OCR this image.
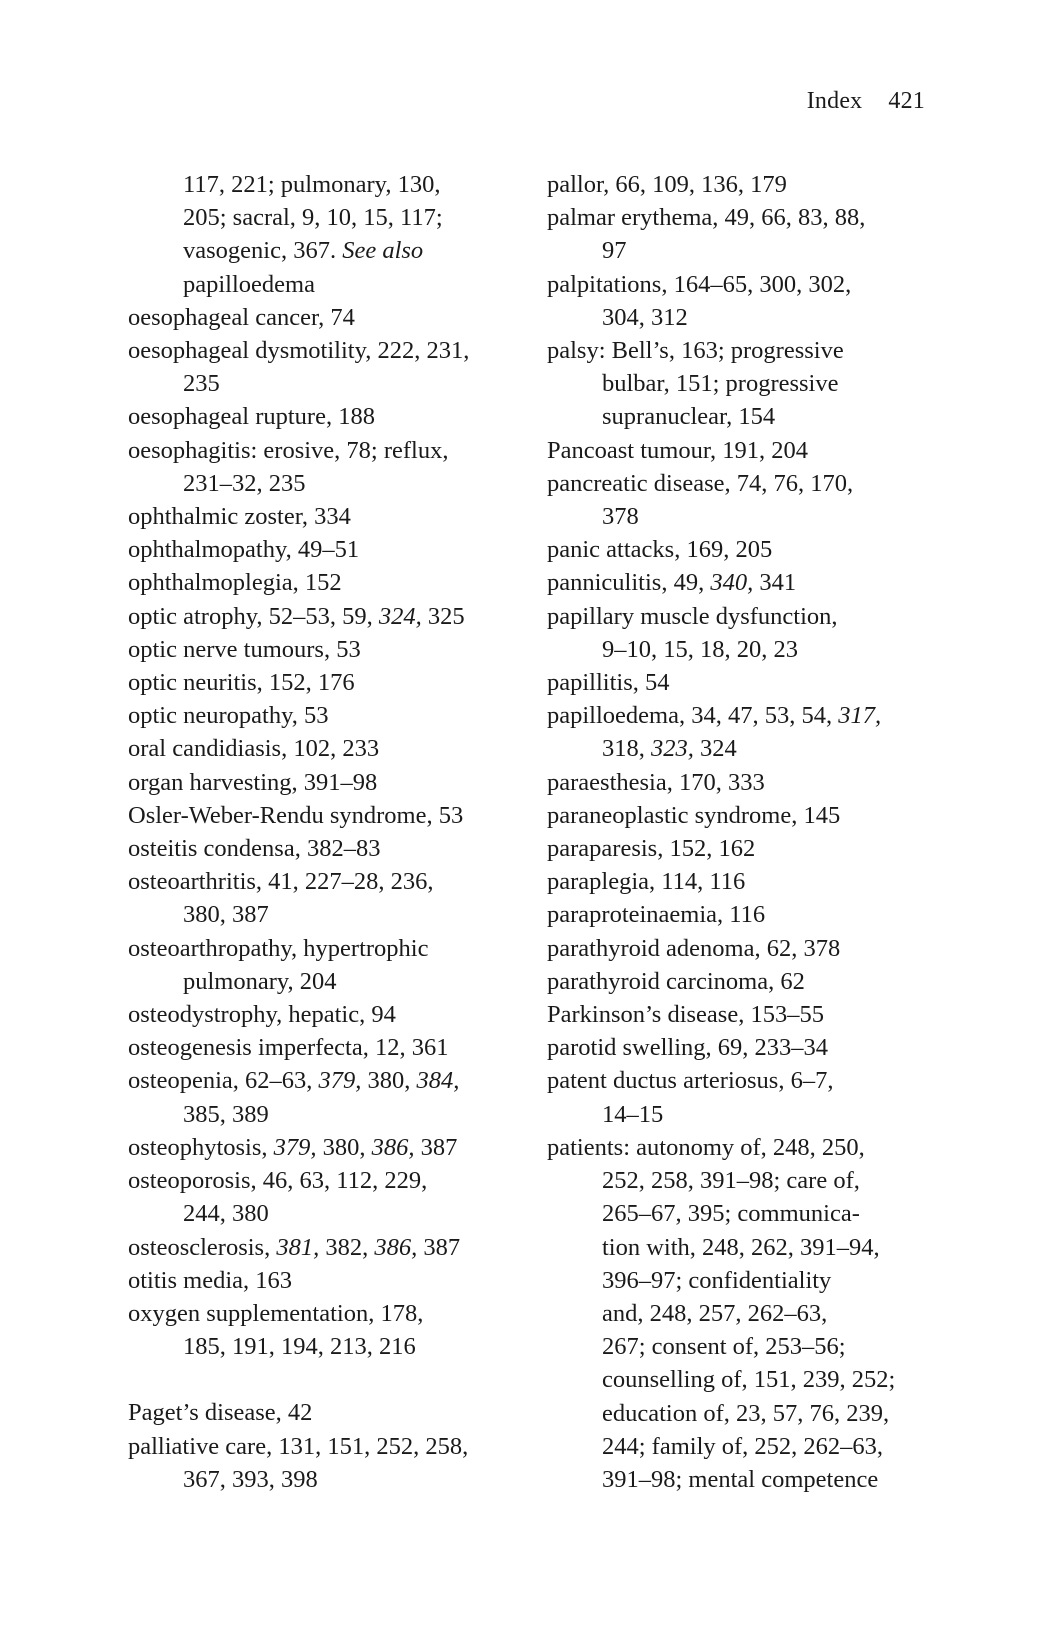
Index 421

117, 221; pulmonary, 130,
205; sacral, 9, 10, 15, 117;
vasogenic, 367. See also
papilloedema

oesophageal cancer, 74

oesophageal dysmotility, 222, 231,
235

oesophageal rupture, 188

oesophagitis: erosive, 78; reflux,
231–32, 235

ophthalmic zoster, 334

ophthalmopathy, 49–51

ophthalmoplegia, 152

optic atrophy, 52–53, 59, 324, 325

optic nerve tumours, 53

optic neuritis, 152, 176

optic neuropathy, 53

oral candidiasis, 102, 233

organ harvesting, 391–98

Osler-Weber-Rendu syndrome, 53

osteitis condensa, 382–83

osteoarthritis, 41, 227–28, 236,
380, 387

osteoarthropathy, hypertrophic
pulmonary, 204

osteodystrophy, hepatic, 94

osteogenesis imperfecta, 12, 361

osteopenia, 62–63, 379, 380, 384,
385, 389

osteophytosis, 379, 380, 386, 387

osteoporosis, 46, 63, 112, 229,
244, 380

osteosclerosis, 381, 382, 386, 387

otitis media, 163

oxygen supplementation, 178,
185, 191, 194, 213, 216

Paget’s disease, 42

palliative care, 131, 151, 252, 258,
367, 393, 398

pallor, 66, 109, 136, 179

palmar erythema, 49, 66, 83, 88,
97

palpitations, 164–65, 300, 302,
304, 312

palsy: Bell’s, 163; progressive
bulbar, 151; progressive
supranuclear, 154

Pancoast tumour, 191, 204

pancreatic disease, 74, 76, 170,
378

panic attacks, 169, 205

panniculitis, 49, 340, 341

papillary muscle dysfunction,
9–10, 15, 18, 20, 23

papillitis, 54

papilloedema, 34, 47, 53, 54, 317,
318, 323, 324

paraesthesia, 170, 333

paraneoplastic syndrome, 145

paraparesis, 152, 162

paraplegia, 114, 116

paraproteinaemia, 116

parathyroid adenoma, 62, 378

parathyroid carcinoma, 62

Parkinson’s disease, 153–55

parotid swelling, 69, 233–34

patent ductus arteriosus, 6–7,
14–15

patients: autonomy of, 248, 250,
252, 258, 391–98; care of,
265–67, 395; communica-
tion with, 248, 262, 391–94,
396–97; confidentiality
and, 248, 257, 262–63,
267; consent of, 253–56;
counselling of, 151, 239, 252;
education of, 23, 57, 76, 239,
244; family of, 252, 262–63,
391–98; mental competence
